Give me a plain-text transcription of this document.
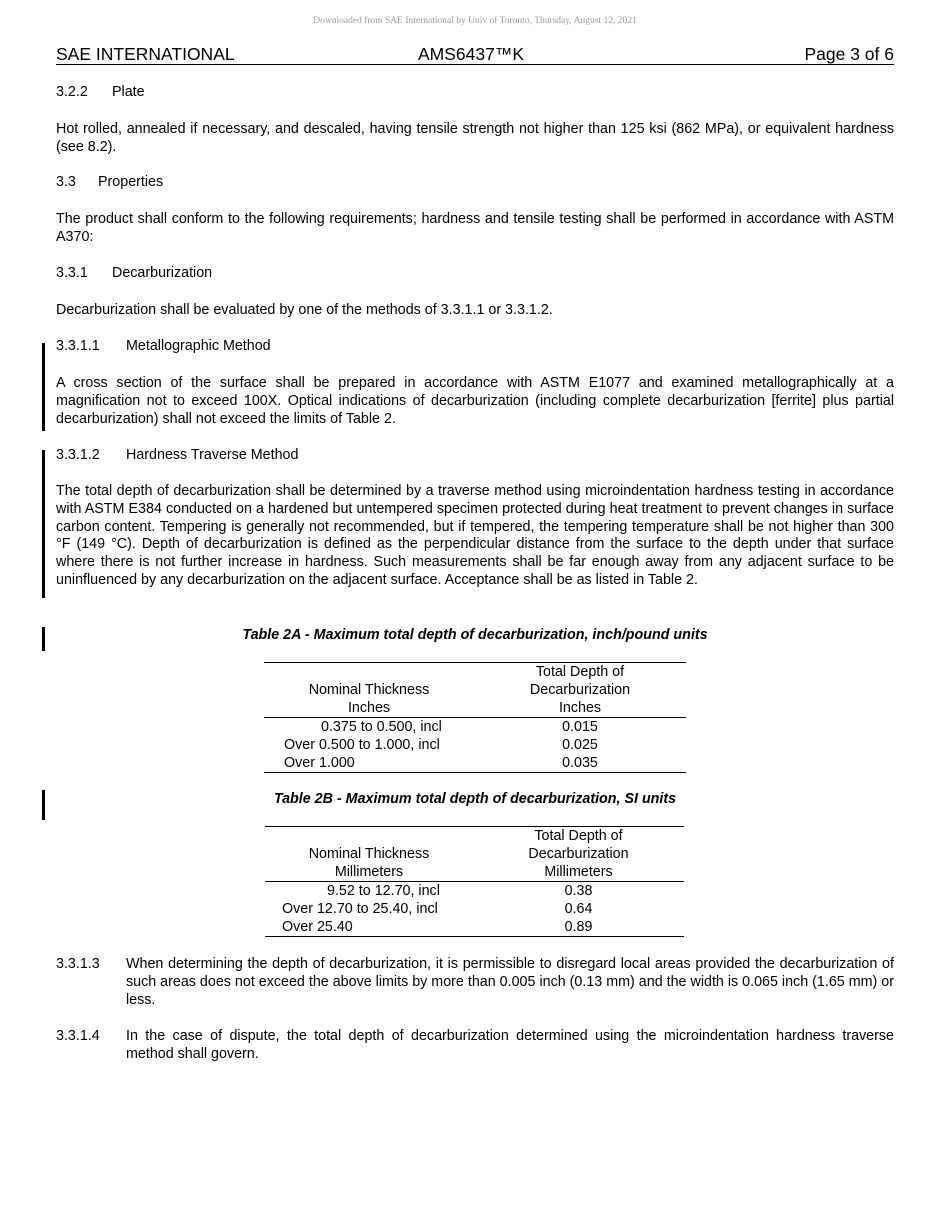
Downloaded from SAE International by Univ of Toronto, Thursday, August 12, 2021
SAE INTERNATIONAL	AMS6437™K	Page 3 of 6
3.2.2 Plate
Hot rolled, annealed if necessary, and descaled, having tensile strength not higher than 125 ksi (862 MPa), or equivalent hardness (see 8.2).
3.3 Properties
The product shall conform to the following requirements; hardness and tensile testing shall be performed in accordance with ASTM A370:
3.3.1 Decarburization
Decarburization shall be evaluated by one of the methods of 3.3.1.1 or 3.3.1.2.
3.3.1.1 Metallographic Method
A cross section of the surface shall be prepared in accordance with ASTM E1077 and examined metallographically at a magnification not to exceed 100X. Optical indications of decarburization (including complete decarburization [ferrite] plus partial decarburization) shall not exceed the limits of Table 2.
3.3.1.2 Hardness Traverse Method
The total depth of decarburization shall be determined by a traverse method using microindentation hardness testing in accordance with ASTM E384 conducted on a hardened but untempered specimen protected during heat treatment to prevent changes in surface carbon content. Tempering is generally not recommended, but if tempered, the tempering temperature shall be not higher than 300 °F (149 °C). Depth of decarburization is defined as the perpendicular distance from the surface to the depth under that surface where there is not further increase in hardness. Such measurements shall be far enough away from any adjacent surface to be uninfluenced by any decarburization on the adjacent surface. Acceptance shall be as listed in Table 2.
Table 2A - Maximum total depth of decarburization, inch/pound units
	Total Depth of
Nominal Thickness	Decarburization
Inches	Inches
0.375 to 0.500, incl	0.015
Over 0.500 to 1.000, incl	0.025
Over 1.000	0.035
Table 2B - Maximum total depth of decarburization, SI units
	Total Depth of
Nominal Thickness	Decarburization
Millimeters	Millimeters
9.52 to 12.70, incl	0.38
Over 12.70 to 25.40, incl	0.64
Over 25.40	0.89
3.3.1.3 When determining the depth of decarburization, it is permissible to disregard local areas provided the decarburization of such areas does not exceed the above limits by more than 0.005 inch (0.13 mm) and the width is 0.065 inch (1.65 mm) or less.
3.3.1.4 In the case of dispute, the total depth of decarburization determined using the microindentation hardness traverse method shall govern.
